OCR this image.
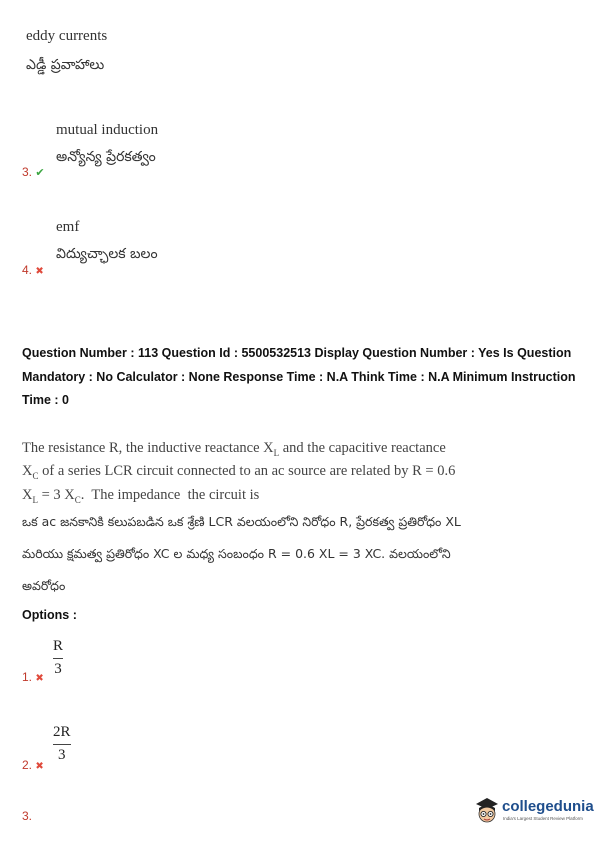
eddy currents
ఎడ్డీ ప్రవాహాలు
mutual induction
అన్యోన్య ప్రేరకత్వం
3. ✔
emf
విద్యుచ్ఛాలక బలం
4. ✖
Question Number : 113 Question Id : 5500532513 Display Question Number : Yes Is Question Mandatory : No Calculator : None Response Time : N.A Think Time : N.A Minimum Instruction Time : 0
The resistance R, the inductive reactance $X_L$ and the capacitive reactance $X_C$ of a series LCR circuit connected to an ac source are related by R = 0.6 $X_L = 3$ $X_C$.  The impedance  the circuit is
ఒక ac జనకానికి కలుపబడిన ఒక శ్రేణి LCR వలయంలోని నిరోధం R, ప్రేరకత్వ ప్రతిరోధం XL
మరియు క్షమత్వ ప్రతిరోధం XC ల మధ్య సంబంధం R = 0.6 XL = 3 XC. వలయంలోని
అవరోధం
Options :
R
3
1. ✖
2R
3
2. ✖
3.
collegedunia
India's Largest Student Review Platform
